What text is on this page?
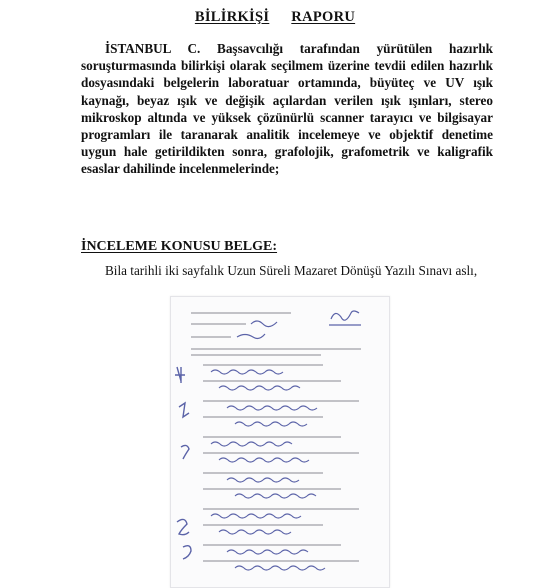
BİLİRKİŞİ RAPORU
İSTANBUL C. Başsavcılığı tarafından yürütülen hazırlık soruşturmasında bilirkişi olarak seçilmem üzerine tevdii edilen hazırlık dosyasındaki belgelerin laboratuar ortamında, büyüteç ve UV ışık kaynağı, beyaz ışık ve değişik açılardan verilen ışık ışınları, stereo mikroskop altında ve yüksek çözünürlü scanner tarayıcı ve bilgisayar programları ile taranarak analitik incelemeye ve objektif denetime uygun hale getirildikten sonra, grafolojik, grafometrik ve kaligrafik esaslar dahilinde incelenmelerinde;
İNCELEME KONUSU BELGE:
Bila tarihli iki sayfalık Uzun Süreli Mazaret Dönüşü Yazılı Sınavı aslı,
